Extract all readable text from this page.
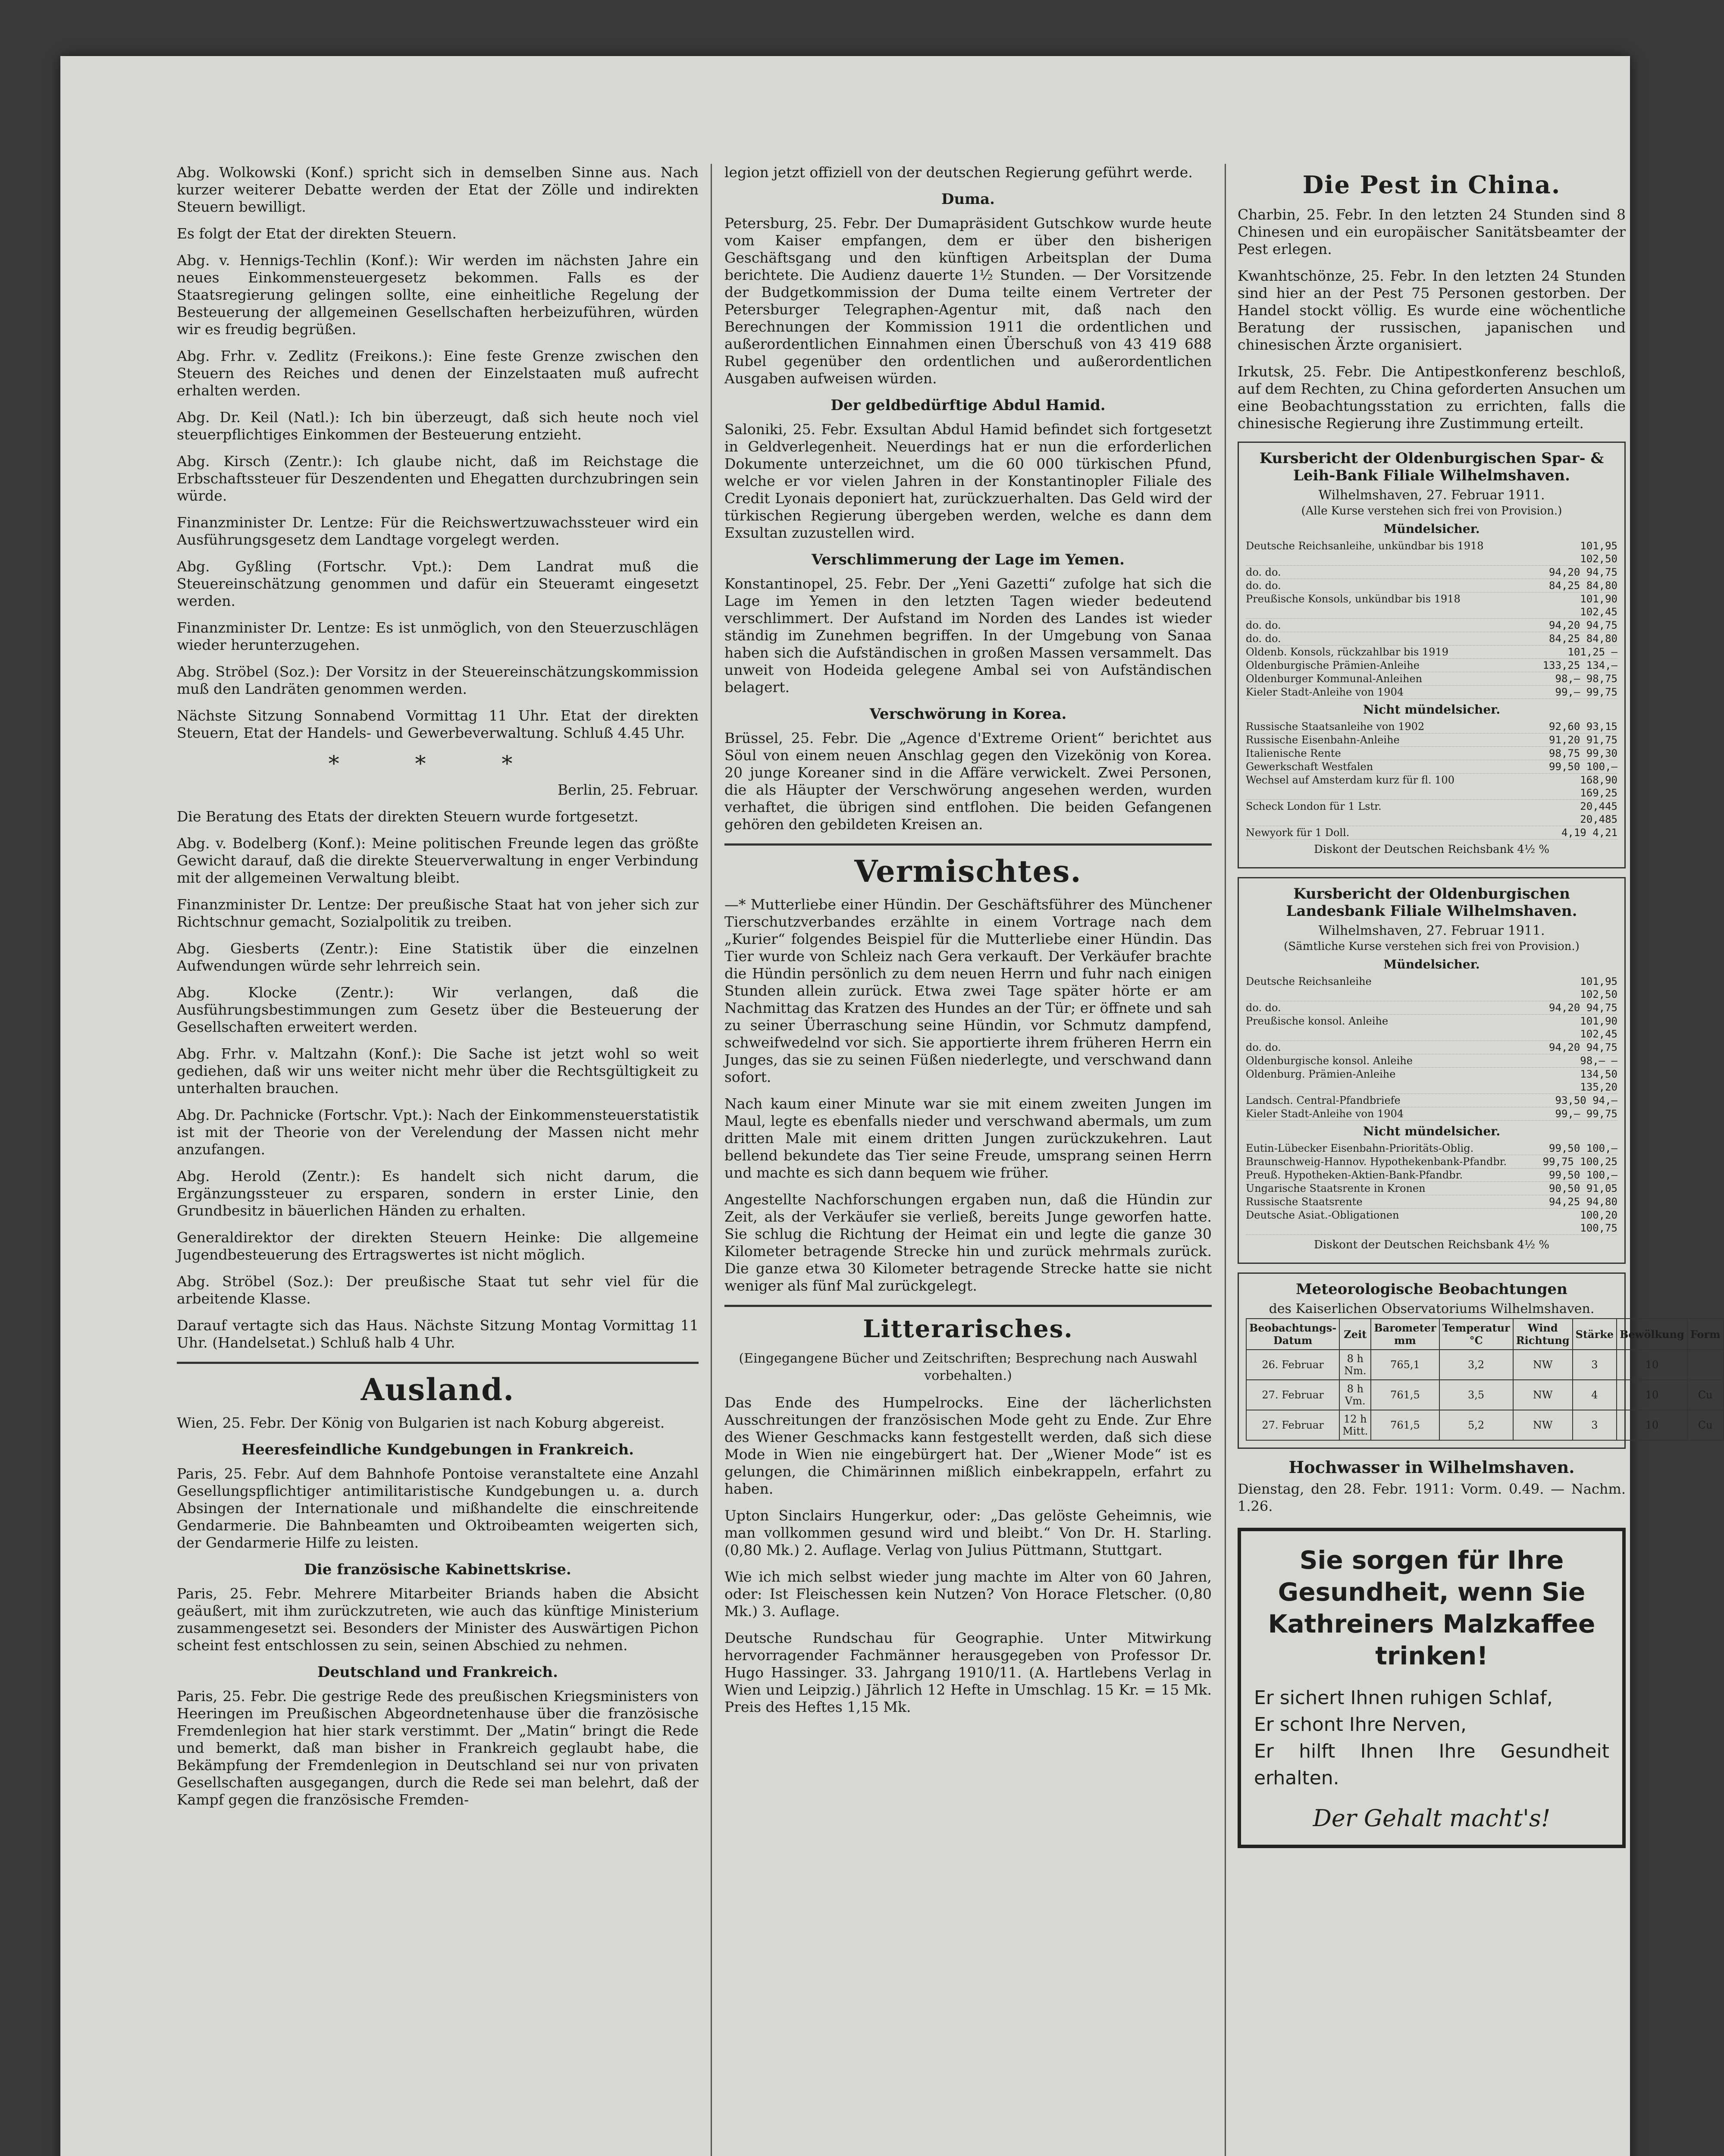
Abg. Wolkowski (Konf.) spricht sich in demselben Sinne aus. Nach kurzer weiterer Debatte werden der Etat der Zölle und indirekten Steuern bewilligt.

Es folgt der Etat der direkten Steuern.

Abg. v. Hennigs-Techlin (Konf.): Wir werden im nächsten Jahre ein neues Einkommensteuergesetz bekommen. Falls es der Staatsregierung gelingen sollte, eine einheitliche Regelung der Besteuerung der allgemeinen Gesellschaften herbeizuführen, würden wir es freudig begrüßen.

Abg. Frhr. v. Zedlitz (Freikons.): Eine feste Grenze zwischen den Steuern des Reiches und denen der Einzelstaaten muß aufrecht erhalten werden.

Abg. Dr. Keil (Natl.): Ich bin überzeugt, daß sich heute noch viel steuerpflichtiges Einkommen der Besteuerung entzieht.

Abg. Kirsch (Zentr.): Ich glaube nicht, daß im Reichstage die Erbschaftssteuer für Deszendenten und Ehegatten durchzubringen sein würde.

Finanzminister Dr. Lentze: Für die Reichswertzuwachssteuer wird ein Ausführungsgesetz dem Landtage vorgelegt werden.

Abg. Gyßling (Fortschr. Vpt.): Dem Landrat muß die Steuereinschätzung genommen und dafür ein Steueramt eingesetzt werden.

Finanzminister Dr. Lentze: Es ist unmöglich, von den Steuerzuschlägen wieder herunterzugehen.

Abg. Ströbel (Soz.): Der Vorsitz in der Steuereinschätzungskommission muß den Landräten genommen werden.

Nächste Sitzung Sonnabend Vormittag 11 Uhr. Etat der direkten Steuern, Etat der Handels- und Gewerbeverwaltung. Schluß 4.45 Uhr.

* * *

Berlin, 25. Februar.

Die Beratung des Etats der direkten Steuern wurde fortgesetzt.

Abg. v. Bodelberg (Konf.): Meine politischen Freunde legen das größte Gewicht darauf, daß die direkte Steuerverwaltung in enger Verbindung mit der allgemeinen Verwaltung bleibt.

Finanzminister Dr. Lentze: Der preußische Staat hat von jeher sich zur Richtschnur gemacht, Sozialpolitik zu treiben.

Abg. Giesberts (Zentr.): Eine Statistik über die einzelnen Aufwendungen würde sehr lehrreich sein.

Abg. Klocke (Zentr.): Wir verlangen, daß die Ausführungsbestimmungen zum Gesetz über die Besteuerung der Gesellschaften erweitert werden.

Abg. Frhr. v. Maltzahn (Konf.): Die Sache ist jetzt wohl so weit gediehen, daß wir uns weiter nicht mehr über die Rechtsgültigkeit zu unterhalten brauchen.

Abg. Dr. Pachnicke (Fortschr. Vpt.): Nach der Einkommensteuerstatistik ist mit der Theorie von der Verelendung der Massen nicht mehr anzufangen.

Abg. Herold (Zentr.): Es handelt sich nicht darum, die Ergänzungssteuer zu ersparen, sondern in erster Linie, den Grundbesitz in bäuerlichen Händen zu erhalten.

Generaldirektor der direkten Steuern Heinke: Die allgemeine Jugendbesteuerung des Ertragswertes ist nicht möglich.

Abg. Ströbel (Soz.): Der preußische Staat tut sehr viel für die arbeitende Klasse.

Darauf vertagte sich das Haus. Nächste Sitzung Montag Vormittag 11 Uhr. (Handelsetat.) Schluß halb 4 Uhr.

Ausland.

Wien, 25. Febr. Der König von Bulgarien ist nach Koburg abgereist.

Heeresfeindliche Kundgebungen in Frankreich.

Paris, 25. Febr. Auf dem Bahnhofe Pontoise veranstaltete eine Anzahl Gesellungspflichtiger antimilitaristische Kundgebungen u. a. durch Absingen der Internationale und mißhandelte die einschreitende Gendarmerie. Die Bahnbeamten und Oktroibeamten weigerten sich, der Gendarmerie Hilfe zu leisten.

Die französische Kabinettskrise.

Paris, 25. Febr. Mehrere Mitarbeiter Briands haben die Absicht geäußert, mit ihm zurückzutreten, wie auch das künftige Ministerium zusammengesetzt sei. Besonders der Minister des Auswärtigen Pichon scheint fest entschlossen zu sein, seinen Abschied zu nehmen.

Deutschland und Frankreich.

Paris, 25. Febr. Die gestrige Rede des preußischen Kriegsministers von Heeringen im Preußischen Abgeordnetenhause über die französische Fremdenlegion hat hier stark verstimmt. Der „Matin“ bringt die Rede und bemerkt, daß man bisher in Frankreich geglaubt habe, die Bekämpfung der Fremdenlegion in Deutschland sei nur von privaten Gesellschaften ausgegangen, durch die Rede sei man belehrt, daß der Kampf gegen die französische Fremden-

legion jetzt offiziell von der deutschen Regierung geführt werde.

Duma.

Petersburg, 25. Febr. Der Dumapräsident Gutschkow wurde heute vom Kaiser empfangen, dem er über den bisherigen Geschäftsgang und den künftigen Arbeitsplan der Duma berichtete. Die Audienz dauerte 1½ Stunden. — Der Vorsitzende der Budgetkommission der Duma teilte einem Vertreter der Petersburger Telegraphen-Agentur mit, daß nach den Berechnungen der Kommission 1911 die ordentlichen und außerordentlichen Einnahmen einen Überschuß von 43 419 688 Rubel gegenüber den ordentlichen und außerordentlichen Ausgaben aufweisen würden.

Der geldbedürftige Abdul Hamid.

Saloniki, 25. Febr. Exsultan Abdul Hamid befindet sich fortgesetzt in Geldverlegenheit. Neuerdings hat er nun die erforderlichen Dokumente unterzeichnet, um die 60 000 türkischen Pfund, welche er vor vielen Jahren in der Konstantinopler Filiale des Credit Lyonais deponiert hat, zurückzuerhalten. Das Geld wird der türkischen Regierung übergeben werden, welche es dann dem Exsultan zuzustellen wird.

Verschlimmerung der Lage im Yemen.

Konstantinopel, 25. Febr. Der „Yeni Gazetti“ zufolge hat sich die Lage im Yemen in den letzten Tagen wieder bedeutend verschlimmert. Der Aufstand im Norden des Landes ist wieder ständig im Zunehmen begriffen. In der Umgebung von Sanaa haben sich die Aufständischen in großen Massen versammelt. Das unweit von Hodeida gelegene Ambal sei von Aufständischen belagert.

Verschwörung in Korea.

Brüssel, 25. Febr. Die „Agence d'Extreme Orient“ berichtet aus Söul von einem neuen Anschlag gegen den Vizekönig von Korea. 20 junge Koreaner sind in die Affäre verwickelt. Zwei Personen, die als Häupter der Verschwörung angesehen werden, wurden verhaftet, die übrigen sind entflohen. Die beiden Gefangenen gehören den gebildeten Kreisen an.

Vermischtes.

—* Mutterliebe einer Hündin. Der Geschäftsführer des Münchener Tierschutzverbandes erzählte in einem Vortrage nach dem „Kurier“ folgendes Beispiel für die Mutterliebe einer Hündin. Das Tier wurde von Schleiz nach Gera verkauft. Der Verkäufer brachte die Hündin persönlich zu dem neuen Herrn und fuhr nach einigen Stunden allein zurück. Etwa zwei Tage später hörte er am Nachmittag das Kratzen des Hundes an der Tür; er öffnete und sah zu seiner Überraschung seine Hündin, vor Schmutz dampfend, schweifwedelnd vor sich. Sie apportierte ihrem früheren Herrn ein Junges, das sie zu seinen Füßen niederlegte, und verschwand dann sofort.

Nach kaum einer Minute war sie mit einem zweiten Jungen im Maul, legte es ebenfalls nieder und verschwand abermals, um zum dritten Male mit einem dritten Jungen zurückzukehren. Laut bellend bekundete das Tier seine Freude, umsprang seinen Herrn und machte es sich dann bequem wie früher.

Angestellte Nachforschungen ergaben nun, daß die Hündin zur Zeit, als der Verkäufer sie verließ, bereits Junge geworfen hatte. Sie schlug die Richtung der Heimat ein und legte die ganze 30 Kilometer betragende Strecke hin und zurück mehrmals zurück. Die ganze etwa 30 Kilometer betragende Strecke hatte sie nicht weniger als fünf Mal zurückgelegt.

Litterarisches.

(Eingegangene Bücher und Zeitschriften; Besprechung nach Auswahl vorbehalten.)

Das Ende des Humpelrocks. Eine der lächerlichsten Ausschreitungen der französischen Mode geht zu Ende. Zur Ehre des Wiener Geschmacks kann festgestellt werden, daß sich diese Mode in Wien nie eingebürgert hat. Der „Wiener Mode“ ist es gelungen, die Chimärinnen mißlich einbekrappeln, erfahrt zu haben.

Upton Sinclairs Hungerkur, oder: „Das gelöste Geheimnis, wie man vollkommen gesund wird und bleibt.“ Von Dr. H. Starling. (0,80 Mk.) 2. Auflage. Verlag von Julius Püttmann, Stuttgart.

Wie ich mich selbst wieder jung machte im Alter von 60 Jahren, oder: Ist Fleischessen kein Nutzen? Von Horace Fletscher. (0,80 Mk.) 3. Auflage.

Deutsche Rundschau für Geographie. Unter Mitwirkung hervorragender Fachmänner herausgegeben von Professor Dr. Hugo Hassinger. 33. Jahrgang 1910/11. (A. Hartlebens Verlag in Wien und Leipzig.) Jährlich 12 Hefte in Umschlag. 15 Kr. = 15 Mk. Preis des Heftes 1,15 Mk.

Die Pest in China.

Charbin, 25. Febr. In den letzten 24 Stunden sind 8 Chinesen und ein europäischer Sanitätsbeamter der Pest erlegen.

Kwanhtschönze, 25. Febr. In den letzten 24 Stunden sind hier an der Pest 75 Personen gestorben. Der Handel stockt völlig. Es wurde eine wöchentliche Beratung der russischen, japanischen und chinesischen Ärzte organisiert.

Irkutsk, 25. Febr. Die Antipestkonferenz beschloß, auf dem Rechten, zu China geforderten Ansuchen um eine Beobachtungsstation zu errichten, falls die chinesische Regierung ihre Zustimmung erteilt.

Kursbericht der Oldenburgischen Spar- & Leih-Bank Filiale Wilhelmshaven.
Wilhelmshaven, 27. Februar 1911.
(Alle Kurse verstehen sich frei von Provision.)
Mündelsicher.
Deutsche Reichsanleihe, unkündbar bis 1918	101,95 102,50
do. do.	94,20 94,75
do. do.	84,25 84,80
Preußische Konsols, unkündbar bis 1918	101,90 102,45
do. do.	94,20 94,75
do. do.	84,25 84,80
Oldenb. Konsols, rückzahlbar bis 1919	101,25 —
Oldenburgische Prämien-Anleihe	133,25 134,—
Oldenburger Kommunal-Anleihen	98,— 98,75
Kieler Stadt-Anleihe von 1904	99,— 99,75
Nicht mündelsicher.
Russische Staatsanleihe von 1902	92,60 93,15
Russische Eisenbahn-Anleihe	91,20 91,75
Italienische Rente	98,75 99,30
Gewerkschaft Westfalen	99,50 100,—
Wechsel auf Amsterdam kurz für fl. 100	168,90 169,25
Scheck London für 1 Lstr.	20,445 20,485
Newyork für 1 Doll.	4,19 4,21
Diskont der Deutschen Reichsbank 4½ %
Kursbericht der Oldenburgischen Landesbank Filiale Wilhelmshaven.
Wilhelmshaven, 27. Februar 1911.
(Sämtliche Kurse verstehen sich frei von Provision.)
Mündelsicher.
Deutsche Reichsanleihe	101,95 102,50
do. do.	94,20 94,75
Preußische konsol. Anleihe	101,90 102,45
do. do.	94,20 94,75
Oldenburgische konsol. Anleihe	98,— —
Oldenburg. Prämien-Anleihe	134,50 135,20
Landsch. Central-Pfandbriefe	93,50 94,—
Kieler Stadt-Anleihe von 1904	99,— 99,75
Nicht mündelsicher.
Eutin-Lübecker Eisenbahn-Prioritäts-Oblig.	99,50 100,—
Braunschweig-Hannov. Hypothekenbank-Pfandbr.	99,75 100,25
Preuß. Hypotheken-Aktien-Bank-Pfandbr.	99,50 100,—
Ungarische Staatsrente in Kronen	90,50 91,05
Russische Staatsrente	94,25 94,80
Deutsche Asiat.-Obligationen	100,20 100,75
Diskont der Deutschen Reichsbank 4½ %
Meteorologische Beobachtungen
des Kaiserlichen Observatoriums Wilhelmshaven.
Beobachtungs-Datum	Zeit	Barometer mm	Temperatur °C	Wind Richtung	Stärke	Bewölkung	Form
26. Februar	8 h Nm.	765,1	3,2	NW	3	10	
27. Februar	8 h Vm.	761,5	3,5	NW	4	10	Cu
27. Februar	12 h Mitt.	761,5	5,2	NW	3	10	Cu
Hochwasser in Wilhelmshaven.

Dienstag, den 28. Febr. 1911: Vorm. 0.49. — Nachm. 1.26.

Sie sorgen für Ihre Gesundheit, wenn Sie Kathreiners Malzkaffee trinken!

Er sichert Ihnen ruhigen Schlaf,

Er schont Ihre Nerven,

Er hilft Ihnen Ihre Gesundheit erhalten.

Der Gehalt macht's!
